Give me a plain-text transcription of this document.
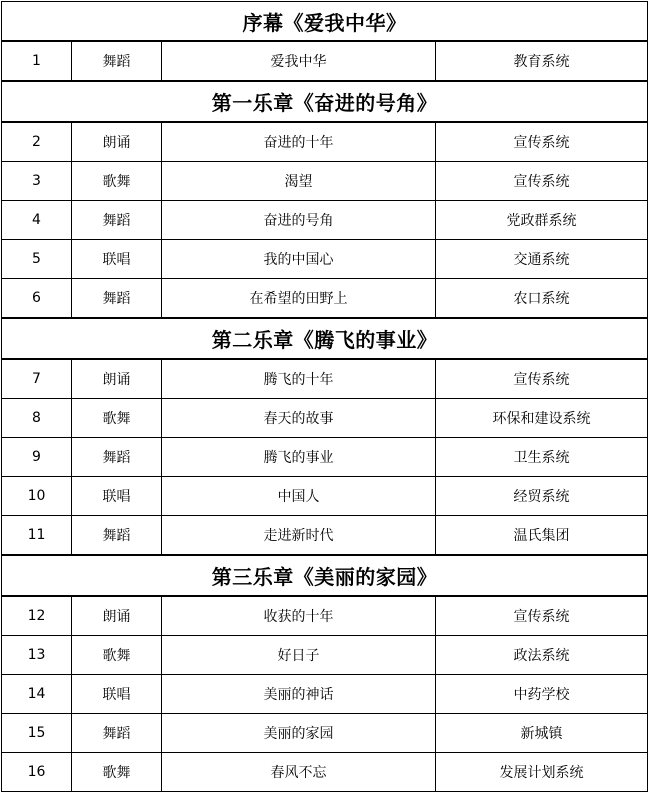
序幕《爱我中华》			
1	舞蹈	爱我中华	教育系统
第一乐章《奋进的号角》			
2	朗诵	奋进的十年	宣传系统
3	歌舞	渴望	宣传系统
4	舞蹈	奋进的号角	党政群系统
5	联唱	我的中国心	交通系统
6	舞蹈	在希望的田野上	农口系统
第二乐章《腾飞的事业》			
7	朗诵	腾飞的十年	宣传系统
8	歌舞	春天的故事	环保和建设系统
9	舞蹈	腾飞的事业	卫生系统
10	联唱	中国人	经贸系统
11	舞蹈	走进新时代	温氏集团
第三乐章《美丽的家园》			
12	朗诵	收获的十年	宣传系统
13	歌舞	好日子	政法系统
14	联唱	美丽的神话	中药学校
15	舞蹈	美丽的家园	新城镇
16	歌舞	春风不忘	发展计划系统
